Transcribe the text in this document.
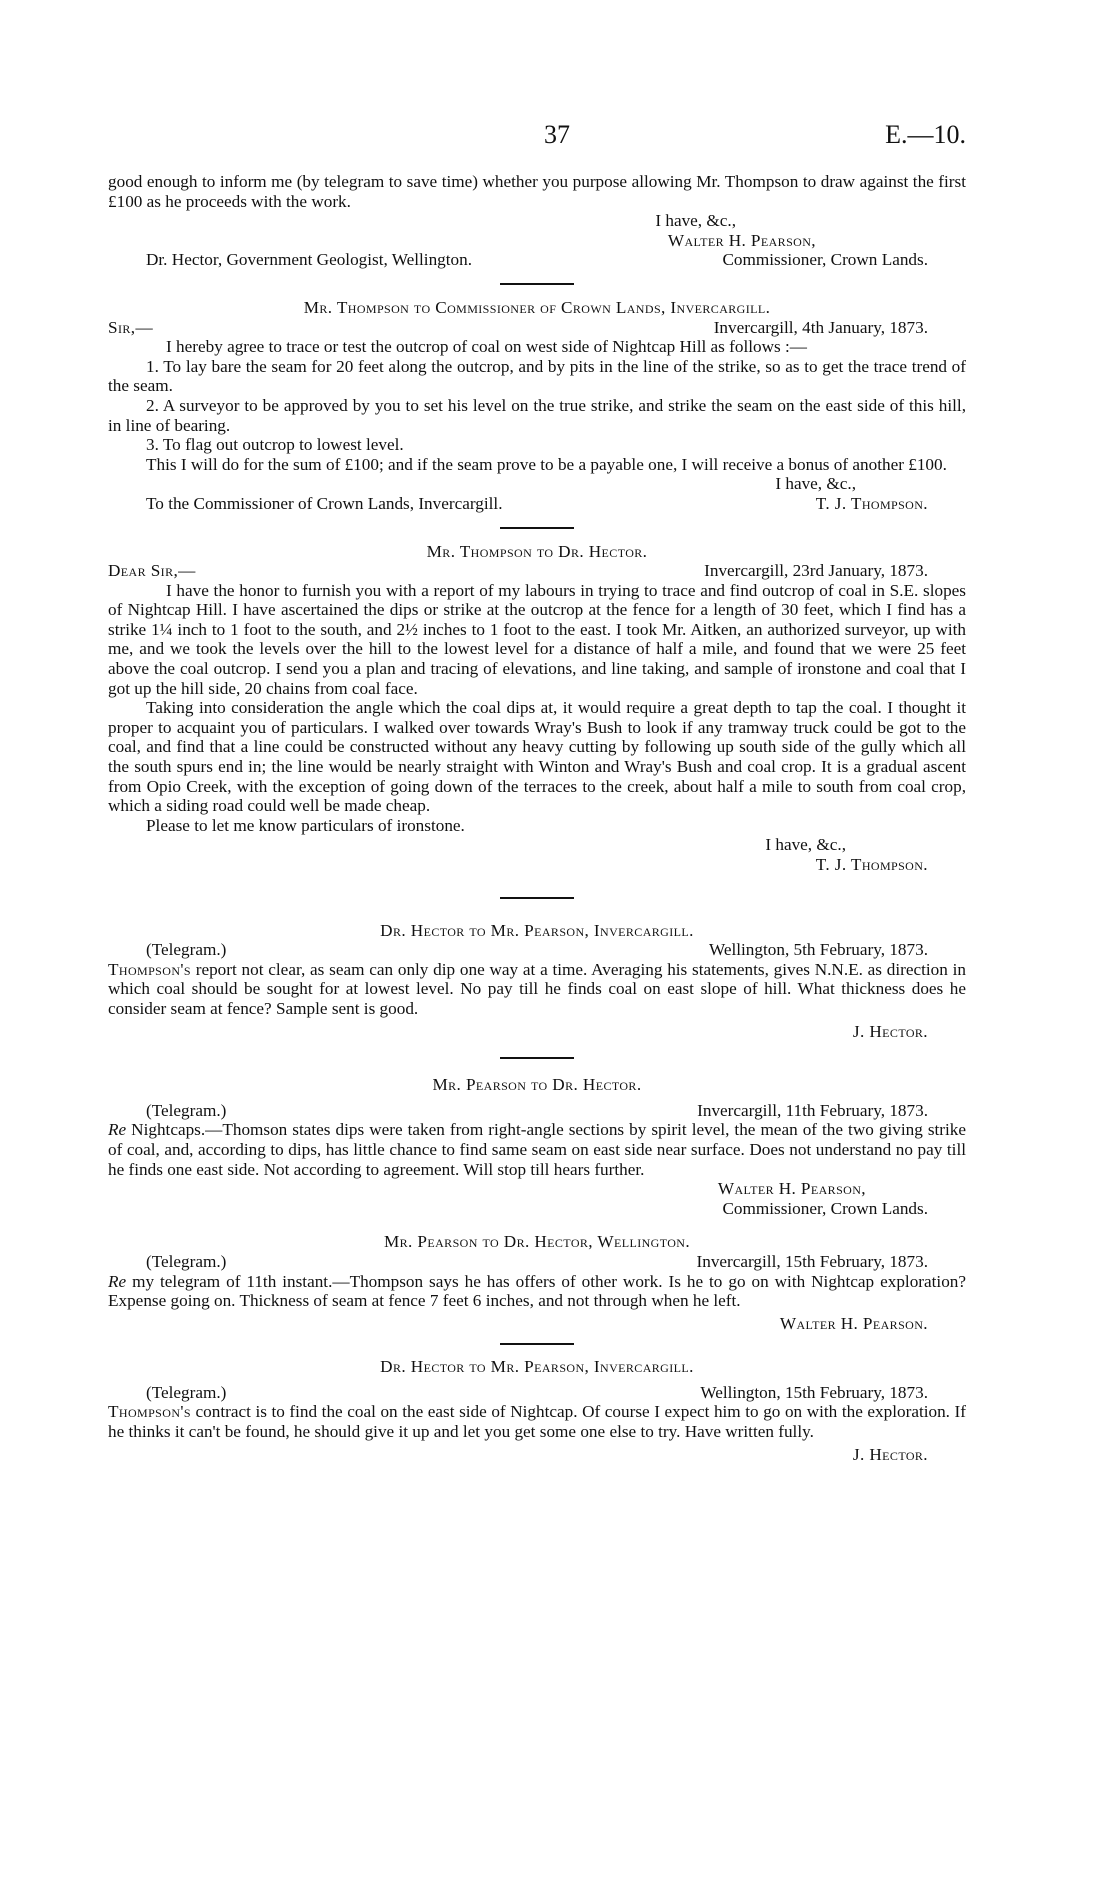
37	E.—10.

good enough to inform me (by telegram to save time) whether you purpose allowing Mr. Thompson to draw against the first £100 as he proceeds with the work.

I have, &c.,
Walter H. Pearson,
Dr. Hector, Government Geologist, Wellington.	Commissioner, Crown Lands.

Mr. Thompson to Commissioner of Crown Lands, Invercargill.

Sir,—	Invercargill, 4th January, 1873.

I hereby agree to trace or test the outcrop of coal on west side of Nightcap Hill as follows :—

1. To lay bare the seam for 20 feet along the outcrop, and by pits in the line of the strike, so as to get the trace trend of the seam.

2. A surveyor to be approved by you to set his level on the true strike, and strike the seam on the east side of this hill, in line of bearing.

3. To flag out outcrop to lowest level.

This I will do for the sum of £100; and if the seam prove to be a payable one, I will receive a bonus of another £100.

I have, &c.,
To the Commissioner of Crown Lands, Invercargill.	T. J. Thompson.

Mr. Thompson to Dr. Hector.

Dear Sir,—	Invercargill, 23rd January, 1873.

I have the honor to furnish you with a report of my labours in trying to trace and find outcrop of coal in S.E. slopes of Nightcap Hill. I have ascertained the dips or strike at the outcrop at the fence for a length of 30 feet, which I find has a strike 1¼ inch to 1 foot to the south, and 2½ inches to 1 foot to the east. I took Mr. Aitken, an authorized surveyor, up with me, and we took the levels over the hill to the lowest level for a distance of half a mile, and found that we were 25 feet above the coal outcrop. I send you a plan and tracing of elevations, and line taking, and sample of ironstone and coal that I got up the hill side, 20 chains from coal face.

Taking into consideration the angle which the coal dips at, it would require a great depth to tap the coal. I thought it proper to acquaint you of particulars. I walked over towards Wray's Bush to look if any tramway truck could be got to the coal, and find that a line could be constructed without any heavy cutting by following up south side of the gully which all the south spurs end in; the line would be nearly straight with Winton and Wray's Bush and coal crop. It is a gradual ascent from Opio Creek, with the exception of going down of the terraces to the creek, about half a mile to south from coal crop, which a siding road could well be made cheap.

Please to let me know particulars of ironstone.

I have, &c.,
T. J. Thompson.

Dr. Hector to Mr. Pearson, Invercargill.

(Telegram.)	Wellington, 5th February, 1873.

Thompson's report not clear, as seam can only dip one way at a time. Averaging his statements, gives N.N.E. as direction in which coal should be sought for at lowest level. No pay till he finds coal on east slope of hill. What thickness does he consider seam at fence? Sample sent is good.

J. Hector.

Mr. Pearson to Dr. Hector.

(Telegram.)	Invercargill, 11th February, 1873.

Re Nightcaps.—Thomson states dips were taken from right-angle sections by spirit level, the mean of the two giving strike of coal, and, according to dips, has little chance to find same seam on east side near surface. Does not understand no pay till he finds one east side. Not according to agreement. Will stop till hears further.

Walter H. Pearson,
Commissioner, Crown Lands.

Mr. Pearson to Dr. Hector, Wellington.

(Telegram.)	Invercargill, 15th February, 1873.

Re my telegram of 11th instant.—Thompson says he has offers of other work. Is he to go on with Nightcap exploration? Expense going on. Thickness of seam at fence 7 feet 6 inches, and not through when he left.

Walter H. Pearson.

Dr. Hector to Mr. Pearson, Invercargill.

(Telegram.)	Wellington, 15th February, 1873.

Thompson's contract is to find the coal on the east side of Nightcap. Of course I expect him to go on with the exploration. If he thinks it can't be found, he should give it up and let you get some one else to try. Have written fully.

J. Hector.
